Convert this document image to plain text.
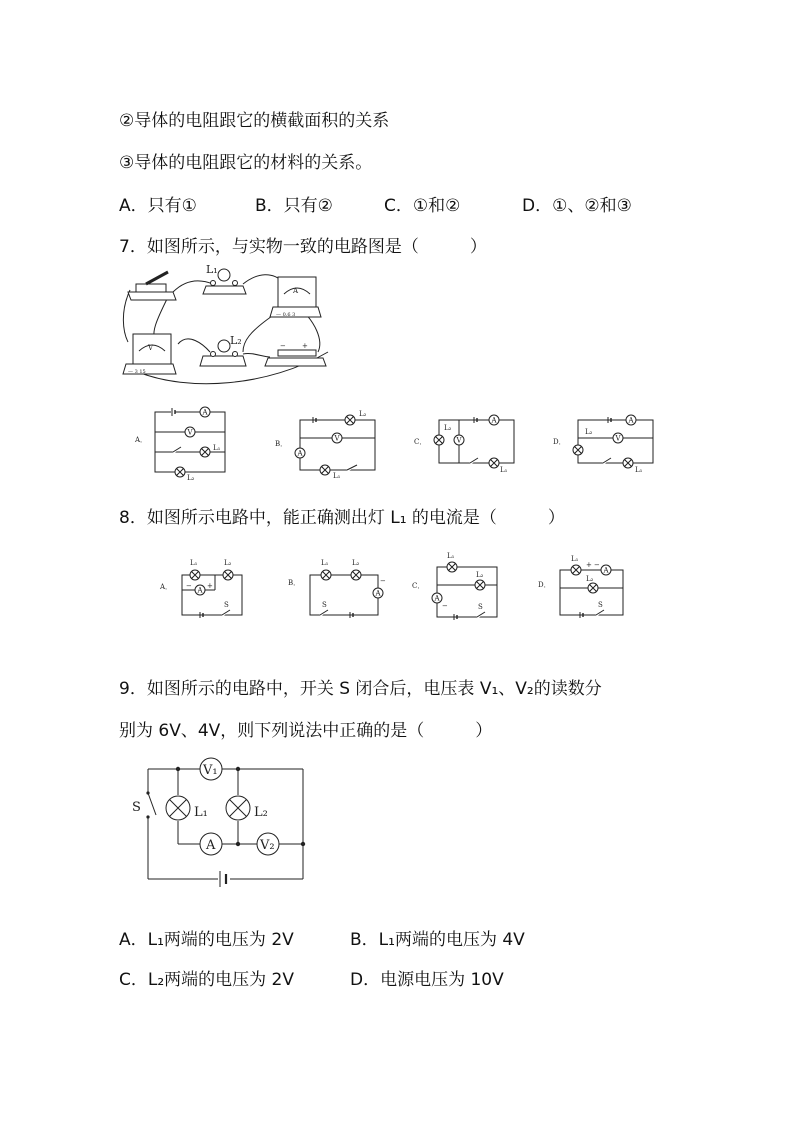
②导体的电阻跟它的横截面积的关系
③导体的电阻跟它的材料的关系。
A．只有①	B．只有②	C．①和②	D．①、②和③
7．如图所示，与实物一致的电路图是（　　　）
L₁
A
— 0.6 3
V
— 3 15
L₂	− +
A．
A
V
L₁
L₂
B．
L₂
V
A
L₁
C．
A
L₂
V
L₁
D．
A
L₂
V
L₁
8．如图所示电路中，能正确测出灯 L₁ 的电流是（　　　）
A．
L₁	L₂
A
− +
S
B．
L₁	L₂
A
−
S
C．
L₁
L₂
A
−	S
D．
L₁
+ −
A
L₂
S
9．如图所示的电路中，开关 S 闭合后，电压表 V₁、V₂的读数分
别为 6V、4V，则下列说法中正确的是（　　　）
S
V₁
L₁	L₂
A	V₂
A．L₁两端的电压为 2V	B．L₁两端的电压为 4V
C．L₂两端的电压为 2V	D．电源电压为 10V
